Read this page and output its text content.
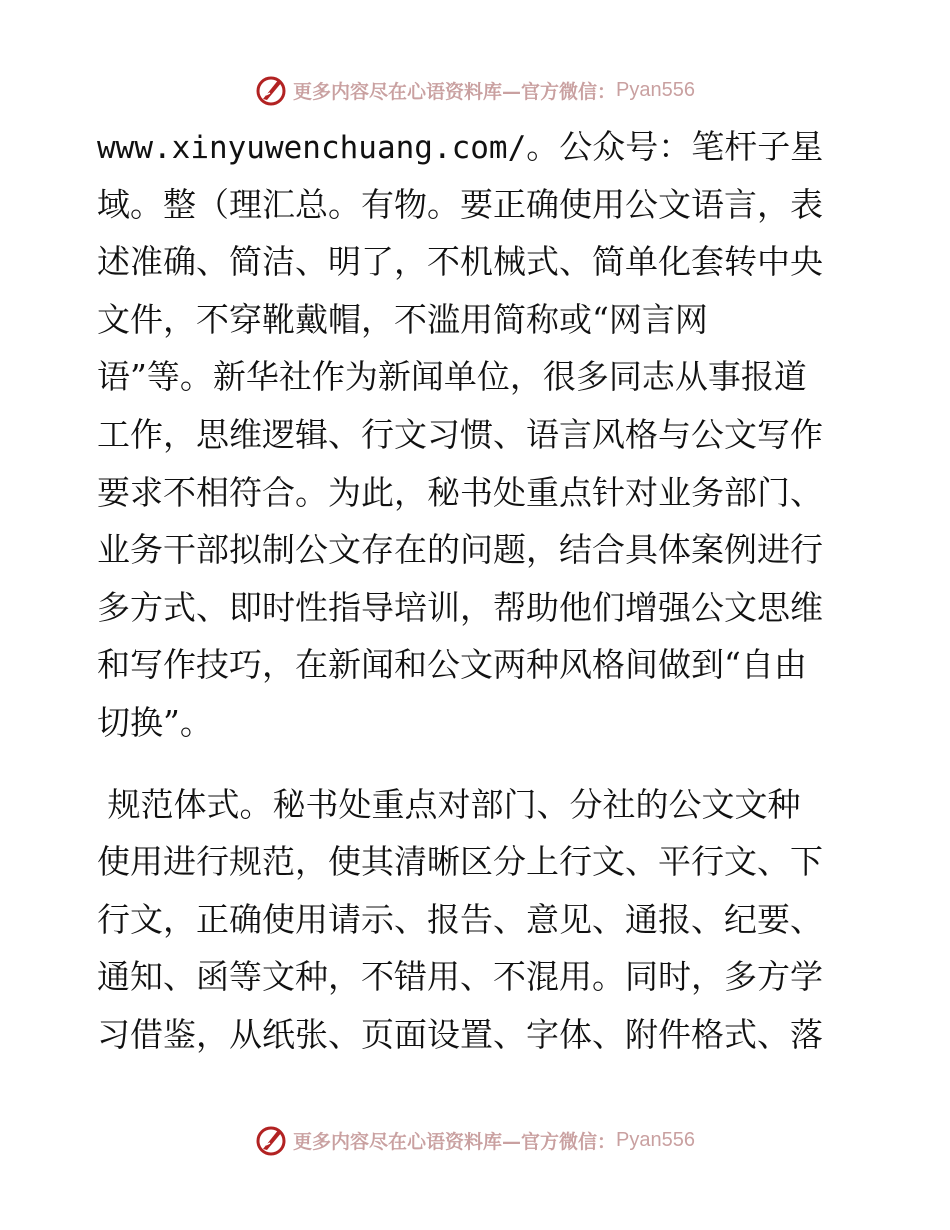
更多内容尽在心语资料库—官方微信： Pyan556
www.xinyuwenchuang.com/。公众号：笔杆子星
域。整（理汇总。有物。要正确使用公文语言，表
述准确、简洁、明了，不机械式、简单化套转中央
文件，不穿靴戴帽，不滥用简称或“网言网
语”等。新华社作为新闻单位，很多同志从事报道
工作，思维逻辑、行文习惯、语言风格与公文写作
要求不相符合。为此，秘书处重点针对业务部门、
业务干部拟制公文存在的问题，结合具体案例进行
多方式、即时性指导培训，帮助他们增强公文思维
和写作技巧，在新闻和公文两种风格间做到“自由
切换”。
规范体式。秘书处重点对部门、分社的公文文种
使用进行规范，使其清晰区分上行文、平行文、下
行文，正确使用请示、报告、意见、通报、纪要、
通知、函等文种，不错用、不混用。同时，多方学
习借鉴，从纸张、页面设置、字体、附件格式、落
更多内容尽在心语资料库—官方微信： Pyan556
